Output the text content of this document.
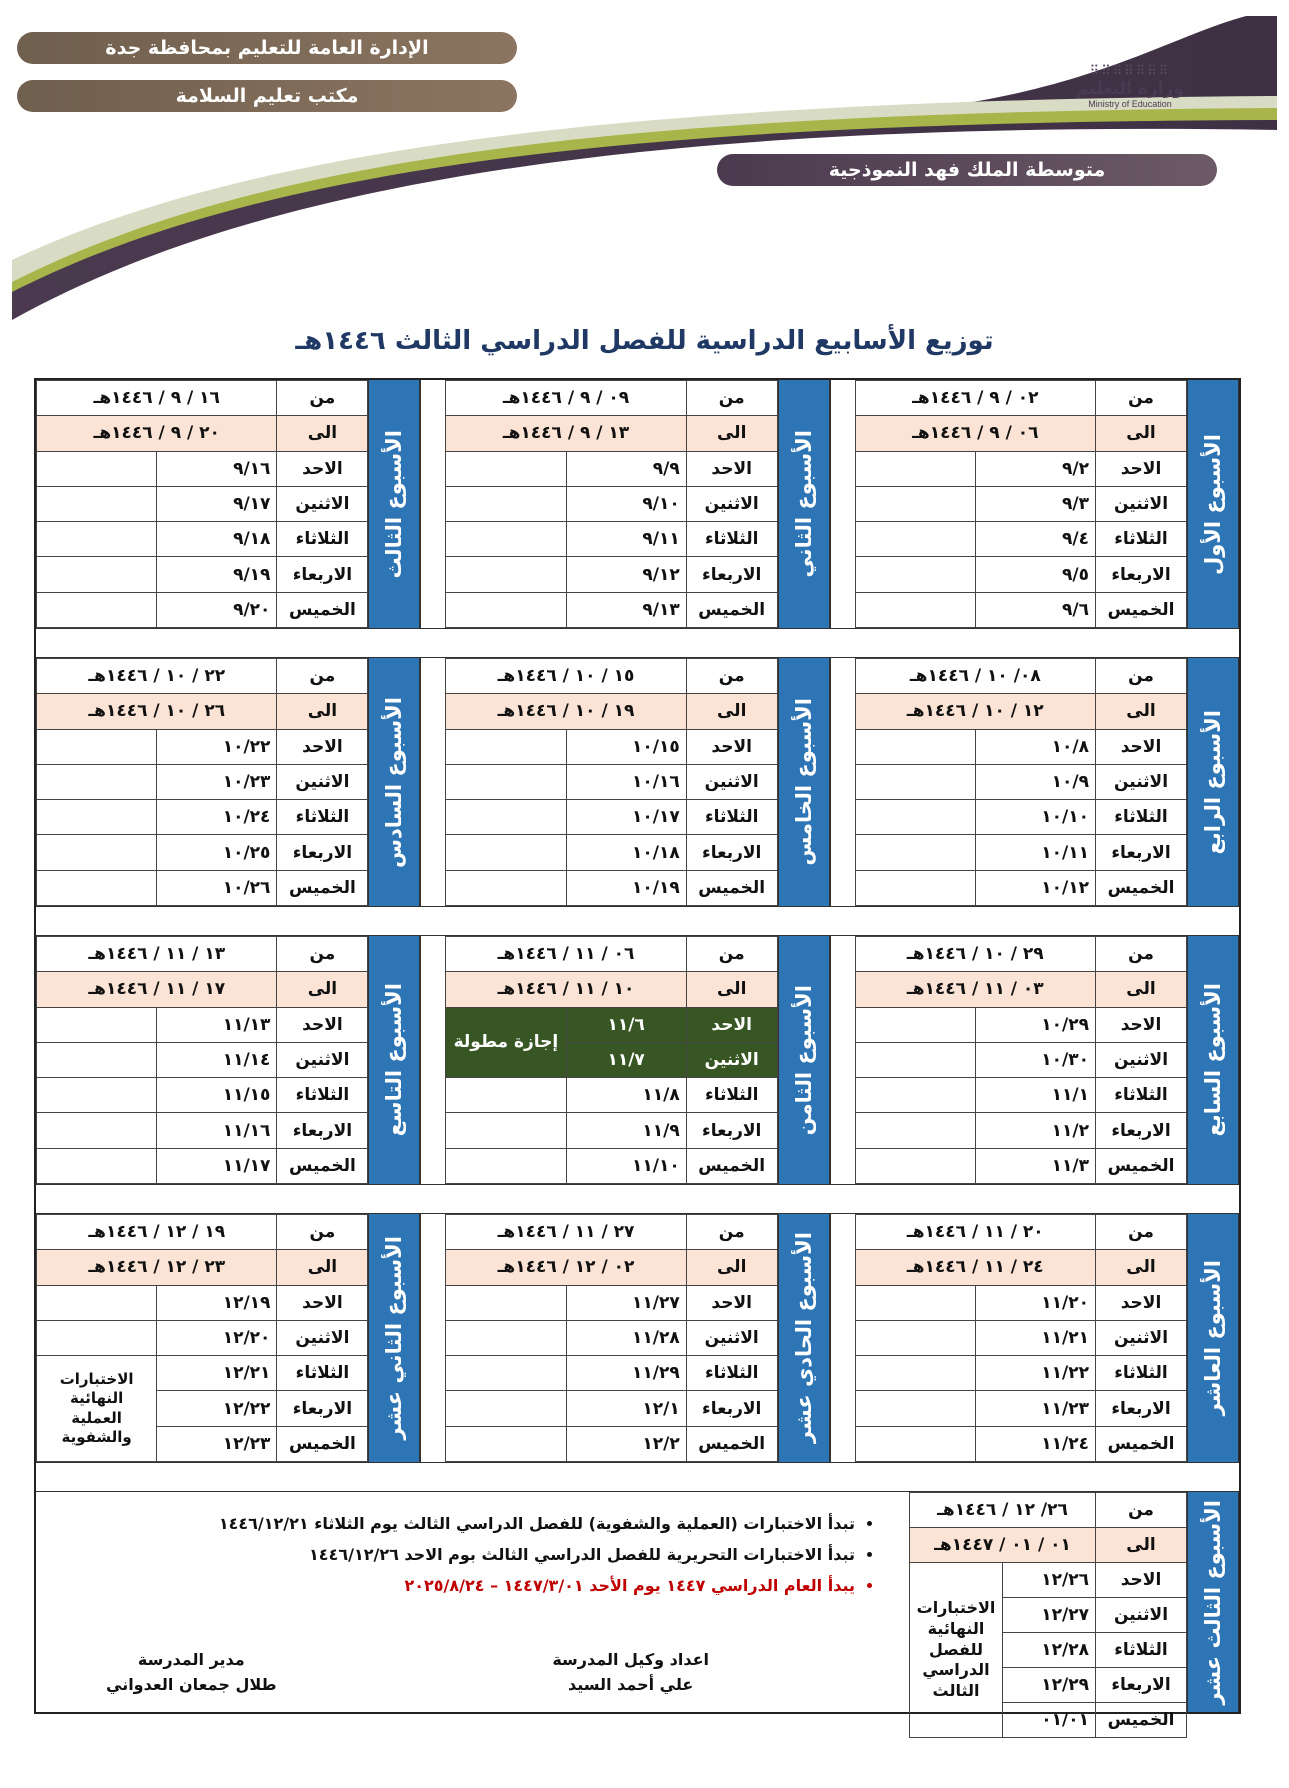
الإدارة العامة للتعليم بمحافظة جدة
مكتب تعليم السلامة
متوسطة الملك فهد النموذجية
⠿⠿⠿⠿⠿⠿⠿
وزارة التعليم
Ministry of Education
توزيع الأسابيع الدراسية للفصل الدراسي الثالث ١٤٤٦هـ
الأسبوع الأول
من	٠٢ / ٩ / ١٤٤٦هـ	
الى	٠٦ / ٩ / ١٤٤٦هـ	
الاحد	٩/٢	
الاثنين	٩/٣	
الثلاثاء	٩/٤	
الاربعاء	٩/٥	
الخميس	٩/٦	
الأسبوع الثاني
من	٠٩ / ٩ / ١٤٤٦هـ	
الى	١٣ / ٩ / ١٤٤٦هـ	
الاحد	٩/٩	
الاثنين	٩/١٠	
الثلاثاء	٩/١١	
الاربعاء	٩/١٢	
الخميس	٩/١٣	
الأسبوع الثالث
من	١٦ / ٩ / ١٤٤٦هـ	
الى	٢٠ / ٩ / ١٤٤٦هـ	
الاحد	٩/١٦	
الاثنين	٩/١٧	
الثلاثاء	٩/١٨	
الاربعاء	٩/١٩	
الخميس	٩/٢٠	
الأسبوع الرابع
من	٠٨/ ١٠ / ١٤٤٦هـ	
الى	١٢ / ١٠ / ١٤٤٦هـ	
الاحد	١٠/٨	
الاثنين	١٠/٩	
الثلاثاء	١٠/١٠	
الاربعاء	١٠/١١	
الخميس	١٠/١٢	
الأسبوع الخامس
من	١٥ / ١٠ / ١٤٤٦هـ	
الى	١٩ / ١٠ / ١٤٤٦هـ	
الاحد	١٠/١٥	
الاثنين	١٠/١٦	
الثلاثاء	١٠/١٧	
الاربعاء	١٠/١٨	
الخميس	١٠/١٩	
الأسبوع السادس
من	٢٢ / ١٠ / ١٤٤٦هـ	
الى	٢٦ / ١٠ / ١٤٤٦هـ	
الاحد	١٠/٢٢	
الاثنين	١٠/٢٣	
الثلاثاء	١٠/٢٤	
الاربعاء	١٠/٢٥	
الخميس	١٠/٢٦	
الأسبوع السابع
من	٢٩ / ١٠ / ١٤٤٦هـ	
الى	٠٣ / ١١ / ١٤٤٦هـ	
الاحد	١٠/٢٩	
الاثنين	١٠/٣٠	
الثلاثاء	١١/١	
الاربعاء	١١/٢	
الخميس	١١/٣	
الأسبوع الثامن
من	٠٦ / ١١ / ١٤٤٦هـ	
الى	١٠ / ١١ / ١٤٤٦هـ	
الاحد	١١/٦	إجازة مطولة
الاثنين	١١/٧	
الثلاثاء	١١/٨	
الاربعاء	١١/٩	
الخميس	١١/١٠	
الأسبوع التاسع
من	١٣ / ١١ / ١٤٤٦هـ	
الى	١٧ / ١١ / ١٤٤٦هـ	
الاحد	١١/١٣	
الاثنين	١١/١٤	
الثلاثاء	١١/١٥	
الاربعاء	١١/١٦	
الخميس	١١/١٧	
الأسبوع العاشر
من	٢٠ / ١١ / ١٤٤٦هـ	
الى	٢٤ / ١١ / ١٤٤٦هـ	
الاحد	١١/٢٠	
الاثنين	١١/٢١	
الثلاثاء	١١/٢٢	
الاربعاء	١١/٢٣	
الخميس	١١/٢٤	
الأسبوع الحادي عشر
من	٢٧ / ١١ / ١٤٤٦هـ	
الى	٠٢ / ١٢ / ١٤٤٦هـ	
الاحد	١١/٢٧	
الاثنين	١١/٢٨	
الثلاثاء	١١/٢٩	
الاربعاء	١٢/١	
الخميس	١٢/٢	
الأسبوع الثاني عشر
من	١٩ / ١٢ / ١٤٤٦هـ	
الى	٢٣ / ١٢ / ١٤٤٦هـ	
الاحد	١٢/١٩	
الاثنين	١٢/٢٠	
الثلاثاء	١٢/٢١	الاختبارات النهائية العملية والشفوية
الاربعاء	١٢/٢٢	
الخميس	١٢/٢٣	
الأسبوع الثالث عشر
من	٢٦/ ١٢ / ١٤٤٦هـ	
الى	٠١ / ٠١ / ١٤٤٧هـ	
الاحد	١٢/٢٦	الاختبارات النهائية للفصل الدراسي الثالث
الاثنين	١٢/٢٧	
الثلاثاء	١٢/٢٨	
الاربعاء	١٢/٢٩	
الخميس	٠١/٠١	
• تبدأ الاختبارات (العملية والشفوية) للفصل الدراسي الثالث يوم الثلاثاء ١٤٤٦/١٢/٢١
• تبدأ الاختبارات التحريرية للفصل الدراسي الثالث بوم الاحد ١٤٤٦/١٢/٢٦
• يبدأ العام الدراسي ١٤٤٧ يوم الأحد ١٤٤٧/٣/٠١ – ٢٠٢٥/٨/٢٤
اعداد وكيل المدرسة
علي أحمد السيد
مدير المدرسة
طلال جمعان العدواني
